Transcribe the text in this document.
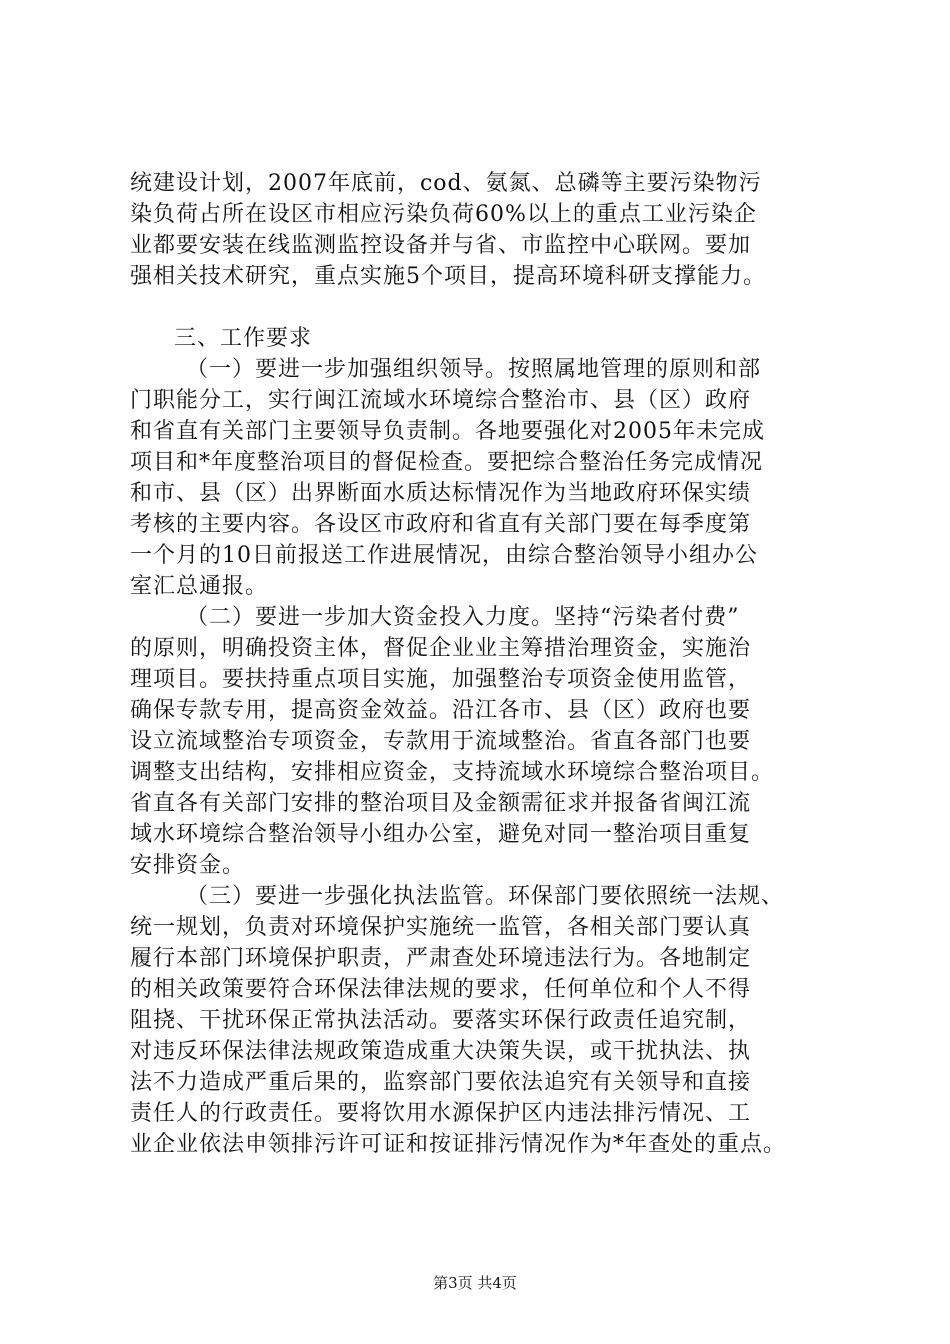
统建设计划，2007年底前，cod、氨氮、总磷等主要污染物污
染负荷占所在设区市相应污染负荷60%以上的重点工业污染企
业都要安装在线监测监控设备并与省、市监控中心联网。要加
强相关技术研究，重点实施5个项目，提高环境科研支撑能力。
三、工作要求
（一）要进一步加强组织领导。按照属地管理的原则和部
门职能分工，实行闽江流域水环境综合整治市、县（区）政府
和省直有关部门主要领导负责制。各地要强化对2005年未完成
项目和*年度整治项目的督促检查。要把综合整治任务完成情况
和市、县（区）出界断面水质达标情况作为当地政府环保实绩
考核的主要内容。各设区市政府和省直有关部门要在每季度第
一个月的10日前报送工作进展情况，由综合整治领导小组办公
室汇总通报。
（二）要进一步加大资金投入力度。坚持“污染者付费”
的原则，明确投资主体，督促企业业主筹措治理资金，实施治
理项目。要扶持重点项目实施，加强整治专项资金使用监管，
确保专款专用，提高资金效益。沿江各市、县（区）政府也要
设立流域整治专项资金，专款用于流域整治。省直各部门也要
调整支出结构，安排相应资金，支持流域水环境综合整治项目。
省直各有关部门安排的整治项目及金额需征求并报备省闽江流
域水环境综合整治领导小组办公室，避免对同一整治项目重复
安排资金。
（三）要进一步强化执法监管。环保部门要依照统一法规、
统一规划，负责对环境保护实施统一监管，各相关部门要认真
履行本部门环境保护职责，严肃查处环境违法行为。各地制定
的相关政策要符合环保法律法规的要求，任何单位和个人不得
阻挠、干扰环保正常执法活动。要落实环保行政责任追究制，
对违反环保法律法规政策造成重大决策失误，或干扰执法、执
法不力造成严重后果的，监察部门要依法追究有关领导和直接
责任人的行政责任。要将饮用水源保护区内违法排污情况、工
业企业依法申领排污许可证和按证排污情况作为*年查处的重点。
第3页 共4页
